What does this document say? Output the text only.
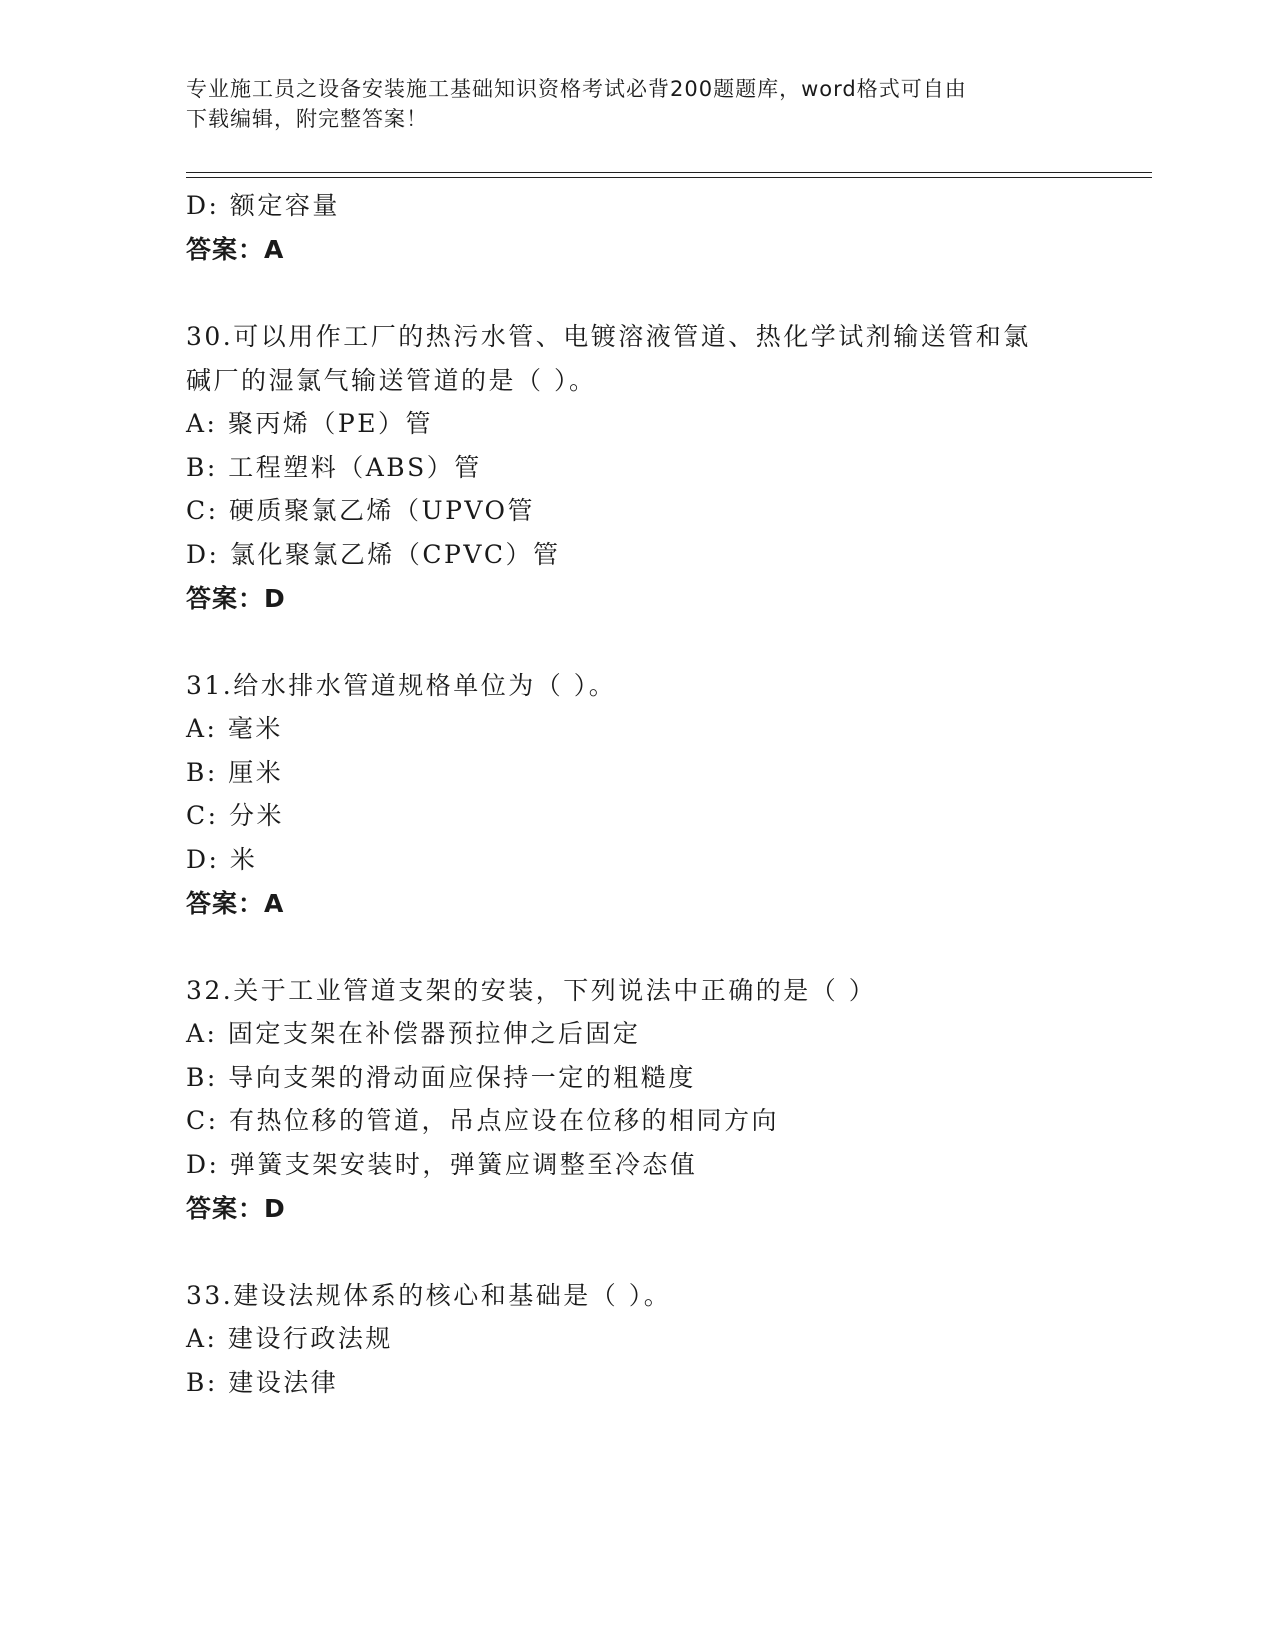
专业施工员之设备安装施工基础知识资格考试必背200题题库，word格式可自由
下载编辑，附完整答案！
D: 额定容量
答案：A
30.可以用作工厂的热污水管、电镀溶液管道、热化学试剂输送管和氯
碱厂的湿氯气输送管道的是（ ）。
A: 聚丙烯（PE）管
B: 工程塑料（ABS）管
C: 硬质聚氯乙烯（UPVO管
D: 氯化聚氯乙烯（CPVC）管
答案：D
31.给水排水管道规格单位为（ ）。
A: 毫米
B: 厘米
C: 分米
D: 米
答案：A
32.关于工业管道支架的安装，下列说法中正确的是（ ）
A: 固定支架在补偿器预拉伸之后固定
B: 导向支架的滑动面应保持一定的粗糙度
C: 有热位移的管道，吊点应设在位移的相同方向
D: 弹簧支架安装时，弹簧应调整至冷态值
答案：D
33.建设法规体系的核心和基础是（ ）。
A: 建设行政法规
B: 建设法律
